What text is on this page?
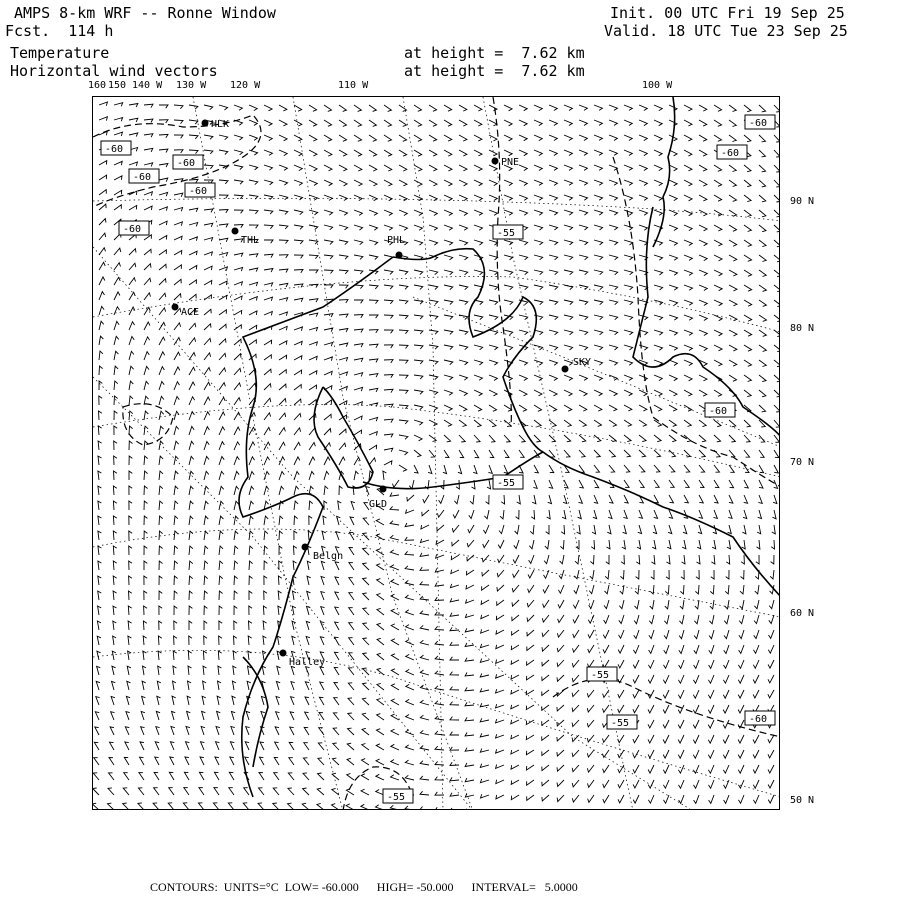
AMPS 8-km WRF -- Ronne Window
Fcst. 114 h
Init. 00 UTC Fri 19 Sep 25
Valid. 18 UTC Tue 23 Sep 25
Temperature
Horizontal wind vectors
at height =  7.62 km
at height =  7.62 km
160 150 140 W 130 W 120 W	110 W	100 W
90 N
80 N
70 N
60 N
50 N
HLK
PNE
THL	PHL
ACE
SKY
GLD
Belgn
Halley
-60
-60
-60
-60
-60	-55
-60
-60
-55
-60
-55
-55	-60
-55
CONTOURS:  UNITS=°C  LOW= -60.000      HIGH= -50.000      INTERVAL=   5.0000
